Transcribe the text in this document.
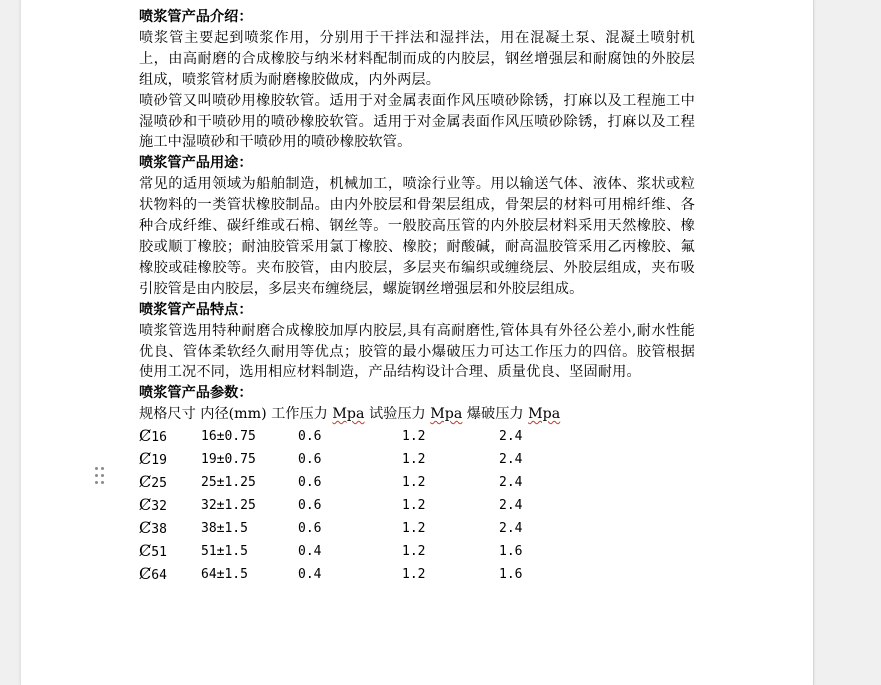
喷浆管产品介绍：

喷浆管主要起到喷浆作用，分别用于干拌法和湿拌法，用在混凝土泵、混凝土喷射机上，由高耐磨的合成橡胶与纳米材料配制而成的内胶层，钢丝增强层和耐腐蚀的外胶层组成，喷浆管材质为耐磨橡胶做成，内外两层。

喷砂管又叫喷砂用橡胶软管。适用于对金属表面作风压喷砂除锈，打麻以及工程施工中湿喷砂和干喷砂用的喷砂橡胶软管。适用于对金属表面作风压喷砂除锈，打麻以及工程施工中湿喷砂和干喷砂用的喷砂橡胶软管。

喷浆管产品用途：

常见的适用领域为船舶制造，机械加工，喷涂行业等。用以输送气体、液体、浆状或粒状物料的一类管状橡胶制品。由内外胶层和骨架层组成，骨架层的材料可用棉纤维、各种合成纤维、碳纤维或石棉、钢丝等。一般胶高压管的内外胶层材料采用天然橡胶、橡胶或顺丁橡胶；耐油胶管采用氯丁橡胶、橡胶；耐酸碱，耐高温胶管采用乙丙橡胶、氟橡胶或硅橡胶等。夹布胶管，由内胶层，多层夹布编织或缠绕层、外胶层组成，夹布吸引胶管是由内胶层，多层夹布缠绕层，螺旋钢丝增强层和外胶层组成。

喷浆管产品特点：

喷浆管选用特种耐磨合成橡胶加厚内胶层,具有高耐磨性,管体具有外径公差小,耐水性能优良、管体柔软经久耐用等优点；胶管的最小爆破压力可达工作压力的四倍。胶管根据使用工况不同，选用相应材料制造，产品结构设计合理、质量优良、坚固耐用。

喷浆管产品参数：

规格尺寸 内径(mm) 工作压力 Mpa 试验压力 Mpa 爆破压力 Mpa

Ȼ16	16±0.75	0.6	1.2	2.4
Ȼ19	19±0.75	0.6	1.2	2.4
Ȼ25	25±1.25	0.6	1.2	2.4
Ȼ32	32±1.25	0.6	1.2	2.4
Ȼ38	38±1.5	0.6	1.2	2.4
Ȼ51	51±1.5	0.4	1.2	1.6
Ȼ64	64±1.5	0.4	1.2	1.6
